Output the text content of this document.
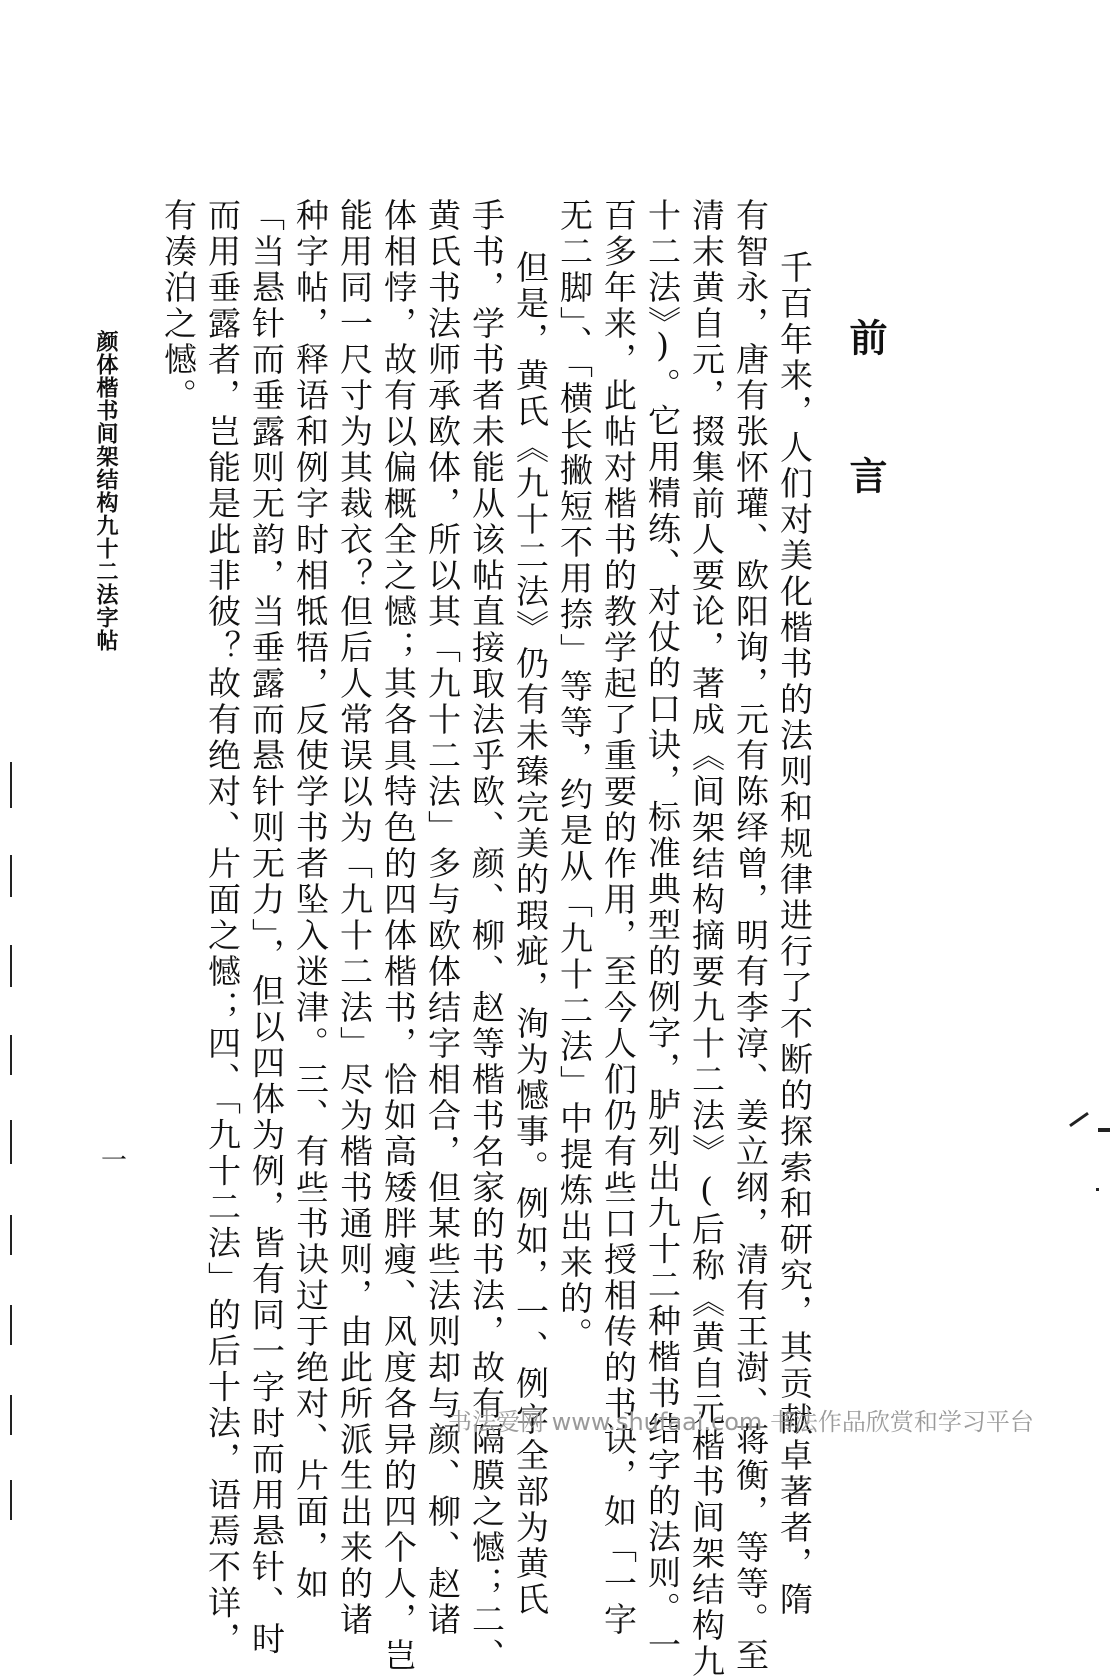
前 言
千百年来，人们对美化楷书的法则和规律进行了不断的探索和研究，其贡献卓著者，隋
有智永，唐有张怀瓘、欧阳询，元有陈绎曾，明有李淳、姜立纲，清有王澍、蒋衡，等等。至
清末黄自元，掇集前人要论，著成《间架结构摘要九十二法》(后称《黄自元楷书间架结构九
十二法》)。它用精练、对仗的口诀，标准典型的例字，胪列出九十二种楷书结字的法则。一
百多年来，此帖对楷书的教学起了重要的作用，至今人们仍有些口授相传的书诀，如「一字
无二脚」、「横长撇短不用捺」等等，约是从「九十二法」中提炼出来的。
但是，黄氏《九十二法》仍有未臻完美的瑕疵，洵为憾事。例如，一、例字全部为黄氏
手书，学书者未能从该帖直接取法乎欧、颜、柳、赵等楷书名家的书法，故有隔膜之憾；二、
黄氏书法师承欧体，所以其「九十二法」多与欧体结字相合，但某些法则却与颜、柳、赵诸
体相悖，故有以偏概全之憾；其各具特色的四体楷书，恰如高矮胖瘦、风度各异的四个人，岂
能用同一尺寸为其裁衣？但后人常误以为「九十二法」尽为楷书通则，由此所派生出来的诸
种字帖，释语和例字时相牴牾，反使学书者坠入迷津。三、有些书诀过于绝对、片面，如
「当悬针而垂露则无韵，当垂露而悬针则无力」，但以四体为例，皆有同一字时而用悬针、时
而用垂露者，岂能是此非彼？故有绝对、片面之憾；四、「九十二法」的后十法，语焉不详，
有凑泊之憾。
颜体楷书间架结构九十二法字帖
一
书法爱网 www.shufaai.com 书法作品欣赏和学习平台
